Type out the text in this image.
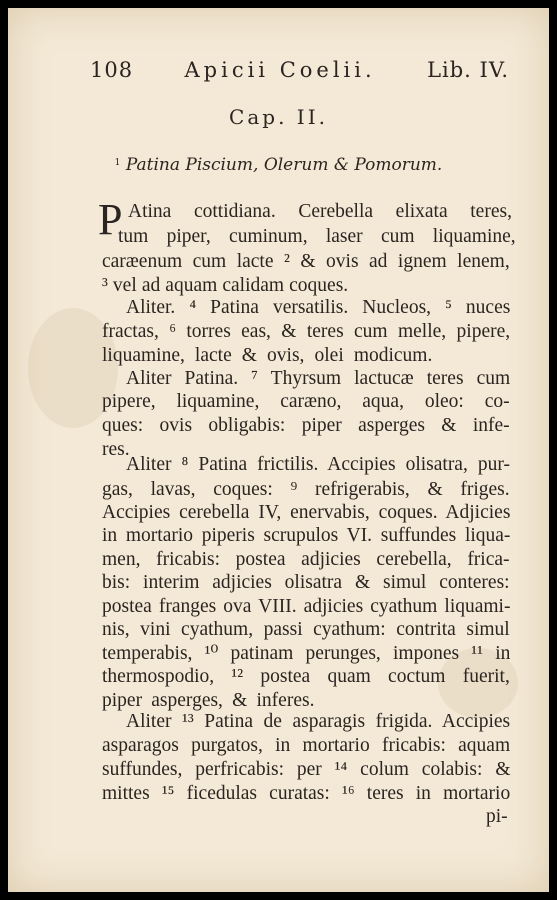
108 Apicii Coelii. Lib. IV.
Cap. II.
$^1$ Patina Piscium, Olerum & Pomorum.
P Atina cottidiana. Cerebella elixata teres,
tum piper, cuminum, laser cum liquamine,
caræenum cum lacte ² & ovis ad ignem lenem,
³ vel ad aquam calidam coques.
Aliter. ⁴ Patina versatilis. Nucleos, ⁵ nuces
fractas, ⁶ torres eas, & teres cum melle, pipere,
liquamine, lacte & ovis, olei modicum.
Aliter Patina. ⁷ Thyrsum lactucæ teres cum
pipere, liquamine, caræno, aqua, oleo: co-
ques: ovis obligabis: piper asperges & infe-
res.
Aliter ⁸ Patina frictilis. Accipies olisatra, pur-
gas, lavas, coques: ⁹ refrigerabis, & friges.
Accipies cerebella IV, enervabis, coques. Adjicies
in mortario piperis scrupulos VI. suffundes liqua-
men, fricabis: postea adjicies cerebella, frica-
bis: interim adjicies olisatra & simul conteres:
postea franges ova VIII. adjicies cyathum liquami-
nis, vini cyathum, passi cyathum: contrita simul
temperabis, ¹⁰ patinam perunges, impones ¹¹ in
thermospodio, ¹² postea quam coctum fuerit,
piper asperges, & inferes.
Aliter ¹³ Patina de asparagis frigida. Accipies
asparagos purgatos, in mortario fricabis: aquam
suffundes, perfricabis: per ¹⁴ colum colabis: &
mittes ¹⁵ ficedulas curatas: ¹⁶ teres in mortario
pi-
